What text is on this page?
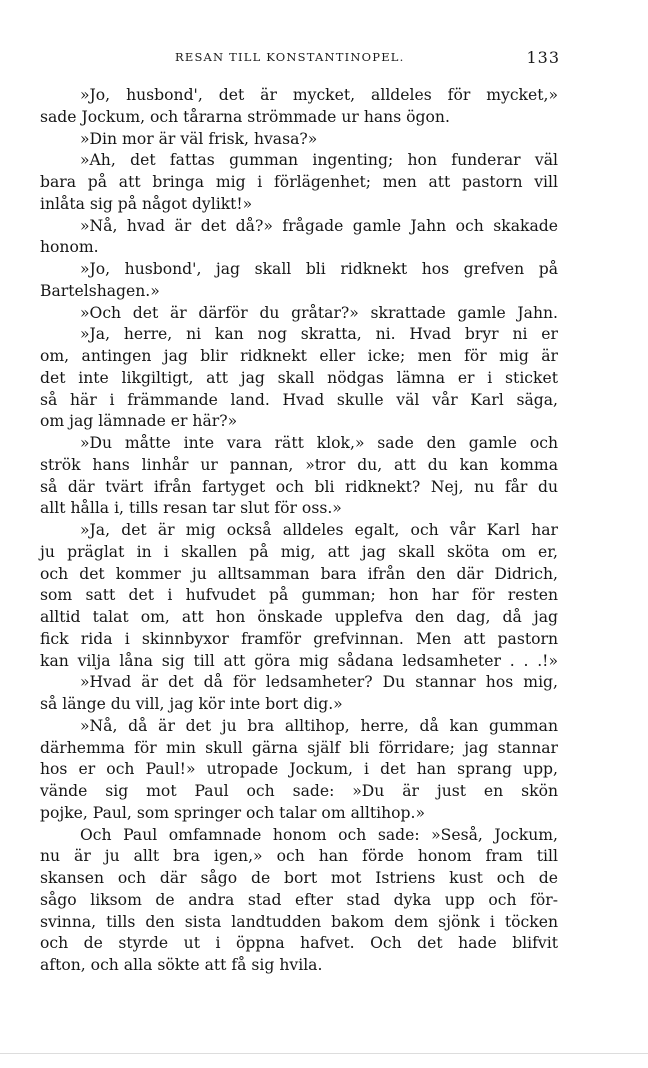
RESAN TILL KONSTANTINOPEL.	133
»Jo, husbond', det är mycket, alldeles för mycket,»
sade Jockum, och tårarna strömmade ur hans ögon.
»Din mor är väl frisk, hvasa?»
»Ah, det fattas gumman ingenting; hon funderar väl
bara på att bringa mig i förlägenhet; men att pastorn vill
inlåta sig på något dylikt!»
»Nå, hvad är det då?» frågade gamle Jahn och skakade
honom.
»Jo, husbond', jag skall bli ridknekt hos grefven på
Bartelshagen.»
»Och det är därför du gråtar?» skrattade gamle Jahn.
»Ja, herre, ni kan nog skratta, ni. Hvad bryr ni er
om, antingen jag blir ridknekt eller icke; men för mig är
det inte likgiltigt, att jag skall nödgas lämna er i sticket
så här i främmande land. Hvad skulle väl vår Karl säga,
om jag lämnade er här?»
»Du måtte inte vara rätt klok,» sade den gamle och
strök hans linhår ur pannan, »tror du, att du kan komma
så där tvärt ifrån fartyget och bli ridknekt? Nej, nu får du
allt hålla i, tills resan tar slut för oss.»
»Ja, det är mig också alldeles egalt, och vår Karl har
ju präglat in i skallen på mig, att jag skall sköta om er,
och det kommer ju alltsamman bara ifrån den där Didrich,
som satt det i hufvudet på gumman; hon har för resten
alltid talat om, att hon önskade upplefva den dag, då jag
fick rida i skinnbyxor framför grefvinnan. Men att pastorn
kan vilja låna sig till att göra mig sådana ledsamheter . . .!»
»Hvad är det då för ledsamheter? Du stannar hos mig,
så länge du vill, jag kör inte bort dig.»
»Nå, då är det ju bra alltihop, herre, då kan gumman
därhemma för min skull gärna själf bli förridare; jag stannar
hos er och Paul!» utropade Jockum, i det han sprang upp,
vände sig mot Paul och sade: »Du är just en skön
pojke, Paul, som springer och talar om alltihop.»
Och Paul omfamnade honom och sade: »Seså, Jockum,
nu är ju allt bra igen,» och han förde honom fram till
skansen och där sågo de bort mot Istriens kust och de
sågo liksom de andra stad efter stad dyka upp och för-
svinna, tills den sista landtudden bakom dem sjönk i töcken
och de styrde ut i öppna hafvet. Och det hade blifvit
afton, och alla sökte att få sig hvila.
